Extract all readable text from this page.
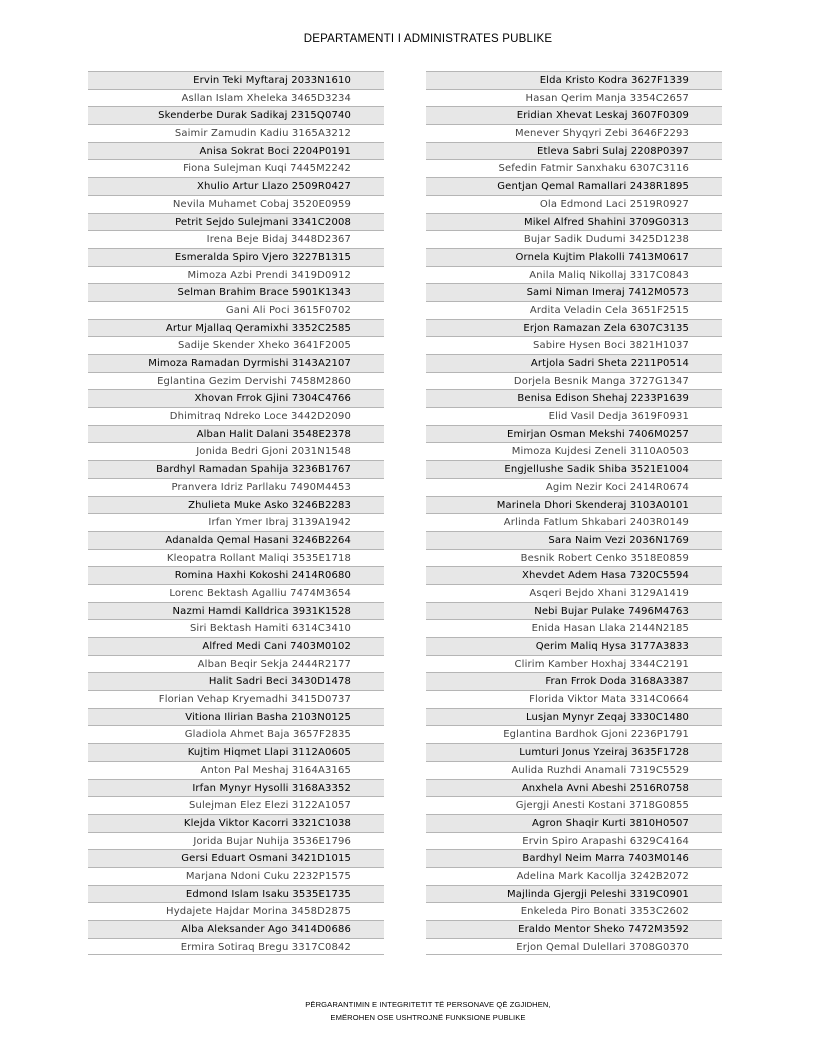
DEPARTAMENTI I ADMINISTRATES PUBLIKE
Ervin Teki Myftaraj 2033N1610
Asllan Islam Xheleka 3465D3234
Skenderbe Durak Sadikaj 2315Q0740
Saimir Zamudin Kadiu 3165A3212
Anisa Sokrat Boci 2204P0191
Fiona Sulejman Kuqi 7445M2242
Xhulio Artur Llazo 2509R0427
Nevila Muhamet Cobaj 3520E0959
Petrit Sejdo Sulejmani 3341C2008
Irena Beje Bidaj 3448D2367
Esmeralda Spiro Vjero 3227B1315
Mimoza Azbi Prendi 3419D0912
Selman Brahim Brace 5901K1343
Gani Ali Poci 3615F0702
Artur Mjallaq Qeramixhi 3352C2585
Sadije Skender Xheko 3641F2005
Mimoza Ramadan Dyrmishi 3143A2107
Eglantina Gezim Dervishi 7458M2860
Xhovan Frrok Gjini 7304C4766
Dhimitraq Ndreko Loce 3442D2090
Alban Halit Dalani 3548E2378
Jonida Bedri Gjoni 2031N1548
Bardhyl Ramadan Spahija 3236B1767
Pranvera Idriz Parllaku 7490M4453
Zhulieta Muke Asko 3246B2283
Irfan Ymer Ibraj 3139A1942
Adanalda Qemal Hasani 3246B2264
Kleopatra Rollant Maliqi 3535E1718
Romina Haxhi Kokoshi 2414R0680
Lorenc Bektash Agalliu 7474M3654
Nazmi Hamdi Kalldrica 3931K1528
Siri Bektash Hamiti 6314C3410
Alfred Medi Cani 7403M0102
Alban Beqir Sekja 2444R2177
Halit Sadri Beci 3430D1478
Florian Vehap Kryemadhi 3415D0737
Vitiona Ilirian Basha 2103N0125
Gladiola Ahmet Baja 3657F2835
Kujtim Hiqmet Llapi 3112A0605
Anton Pal Meshaj 3164A3165
Irfan Mynyr Hysolli 3168A3352
Sulejman Elez Elezi 3122A1057
Klejda Viktor Kacorri 3321C1038
Jorida Bujar Nuhija 3536E1796
Gersi Eduart Osmani 3421D1015
Marjana Ndoni Cuku 2232P1575
Edmond Islam Isaku 3535E1735
Hydajete Hajdar Morina 3458D2875
Alba Aleksander Ago 3414D0686
Ermira Sotiraq Bregu 3317C0842
Elda Kristo Kodra 3627F1339
Hasan Qerim Manja 3354C2657
Eridian Xhevat Leskaj 3607F0309
Menever Shyqyri Zebi 3646F2293
Etleva Sabri Sulaj 2208P0397
Sefedin Fatmir Sanxhaku 6307C3116
Gentjan Qemal Ramallari 2438R1895
Ola Edmond Laci 2519R0927
Mikel Alfred Shahini 3709G0313
Bujar Sadik Dudumi 3425D1238
Ornela Kujtim Plakolli 7413M0617
Anila Maliq Nikollaj 3317C0843
Sami Niman Imeraj 7412M0573
Ardita Veladin Cela 3651F2515
Erjon Ramazan Zela 6307C3135
Sabire Hysen Boci 3821H1037
Artjola Sadri Sheta 2211P0514
Dorjela Besnik Manga 3727G1347
Benisa Edison Shehaj 2233P1639
Elid Vasil Dedja 3619F0931
Emirjan Osman Mekshi 7406M0257
Mimoza Kujdesi Zeneli 3110A0503
Engjellushe Sadik Shiba 3521E1004
Agim Nezir Koci 2414R0674
Marinela Dhori Skenderaj 3103A0101
Arlinda Fatlum Shkabari 2403R0149
Sara Naim Vezi 2036N1769
Besnik Robert Cenko 3518E0859
Xhevdet Adem Hasa 7320C5594
Asqeri Bejdo Xhani 3129A1419
Nebi Bujar Pulake 7496M4763
Enida Hasan Llaka 2144N2185
Qerim Maliq Hysa 3177A3833
Clirim Kamber Hoxhaj 3344C2191
Fran Frrok Doda 3168A3387
Florida Viktor Mata 3314C0664
Lusjan Mynyr Zeqaj 3330C1480
Eglantina Bardhok Gjoni 2236P1791
Lumturi Jonus Yzeiraj 3635F1728
Aulida Ruzhdi Anamali 7319C5529
Anxhela Avni Abeshi 2516R0758
Gjergji Anesti Kostani 3718G0855
Agron Shaqir Kurti 3810H0507
Ervin Spiro Arapashi 6329C4164
Bardhyl Neim Marra 7403M0146
Adelina Mark Kacollja 3242B2072
Majlinda Gjergji Peleshi 3319C0901
Enkeleda Piro Bonati 3353C2602
Eraldo Mentor Sheko 7472M3592
Erjon Qemal Dulellari 3708G0370
PËRGARANTIMIN E INTEGRITETIT TË PERSONAVE QË ZGJIDHEN,
EMËROHEN OSE USHTROJNË FUNKSIONE PUBLIKE
